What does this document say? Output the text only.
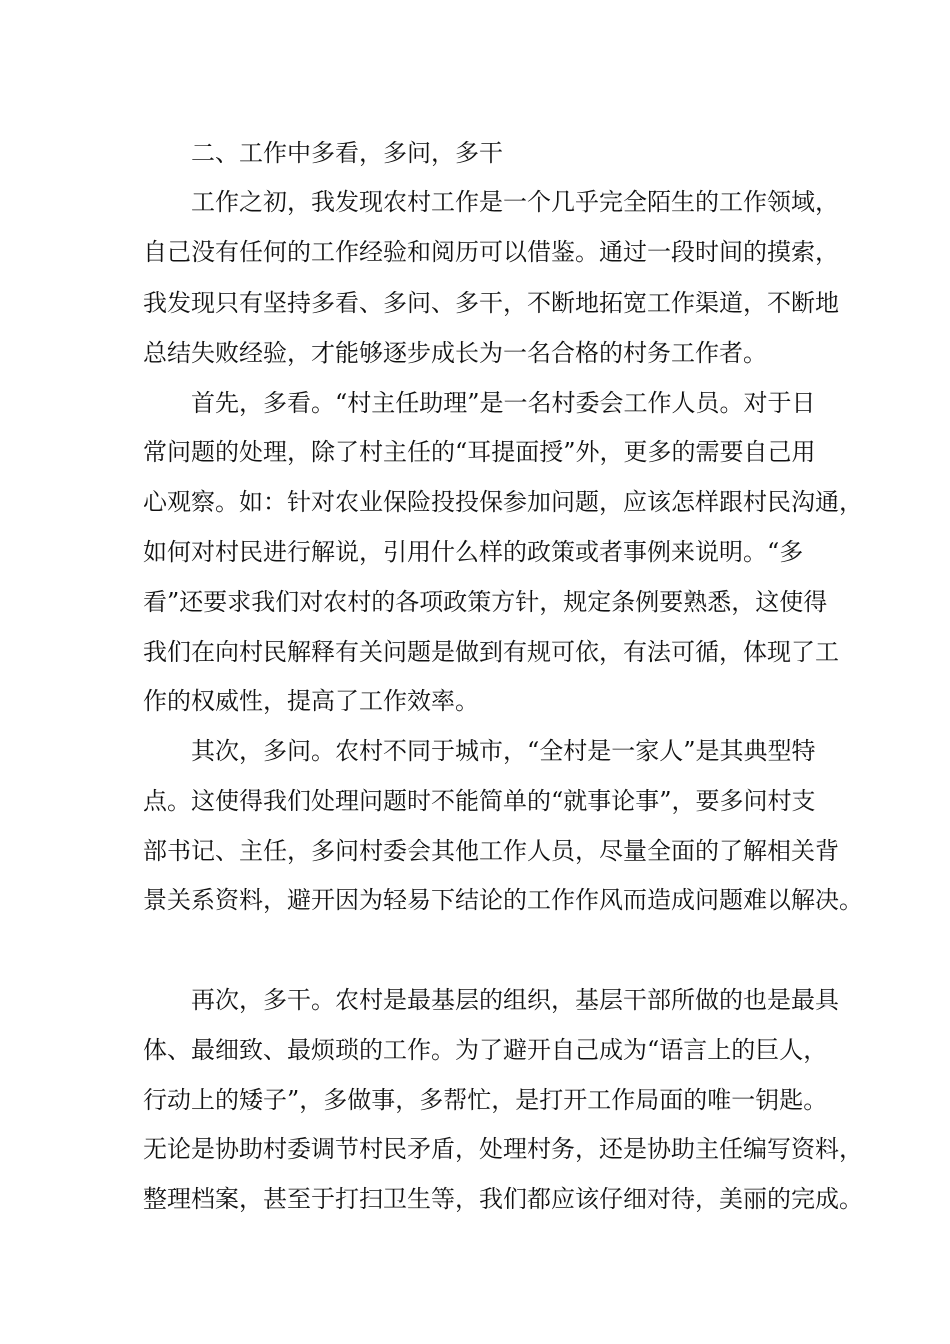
二、工作中多看，多问，多干

工作之初，我发现农村工作是一个几乎完全陌生的工作领域，

自己没有任何的工作经验和阅历可以借鉴。通过一段时间的摸索，

我发现只有坚持多看、多问、多干，不断地拓宽工作渠道，不断地

总结失败经验，才能够逐步成长为一名合格的村务工作者。

首先，多看。“村主任助理”是一名村委会工作人员。对于日

常问题的处理，除了村主任的“耳提面授”外，更多的需要自己用

心观察。如：针对农业保险投投保参加问题，应该怎样跟村民沟通，

如何对村民进行解说，引用什么样的政策或者事例来说明。“多

看”还要求我们对农村的各项政策方针，规定条例要熟悉，这使得

我们在向村民解释有关问题是做到有规可依，有法可循，体现了工

作的权威性，提高了工作效率。

其次，多问。农村不同于城市，“全村是一家人”是其典型特

点。这使得我们处理问题时不能简单的“就事论事”，要多问村支

部书记、主任，多问村委会其他工作人员，尽量全面的了解相关背

景关系资料，避开因为轻易下结论的工作作风而造成问题难以解决。

再次，多干。农村是最基层的组织，基层干部所做的也是最具

体、最细致、最烦琐的工作。为了避开自己成为“语言上的巨人，

行动上的矮子”，多做事，多帮忙，是打开工作局面的唯一钥匙。

无论是协助村委调节村民矛盾，处理村务，还是协助主任编写资料，

整理档案，甚至于打扫卫生等，我们都应该仔细对待，美丽的完成。
